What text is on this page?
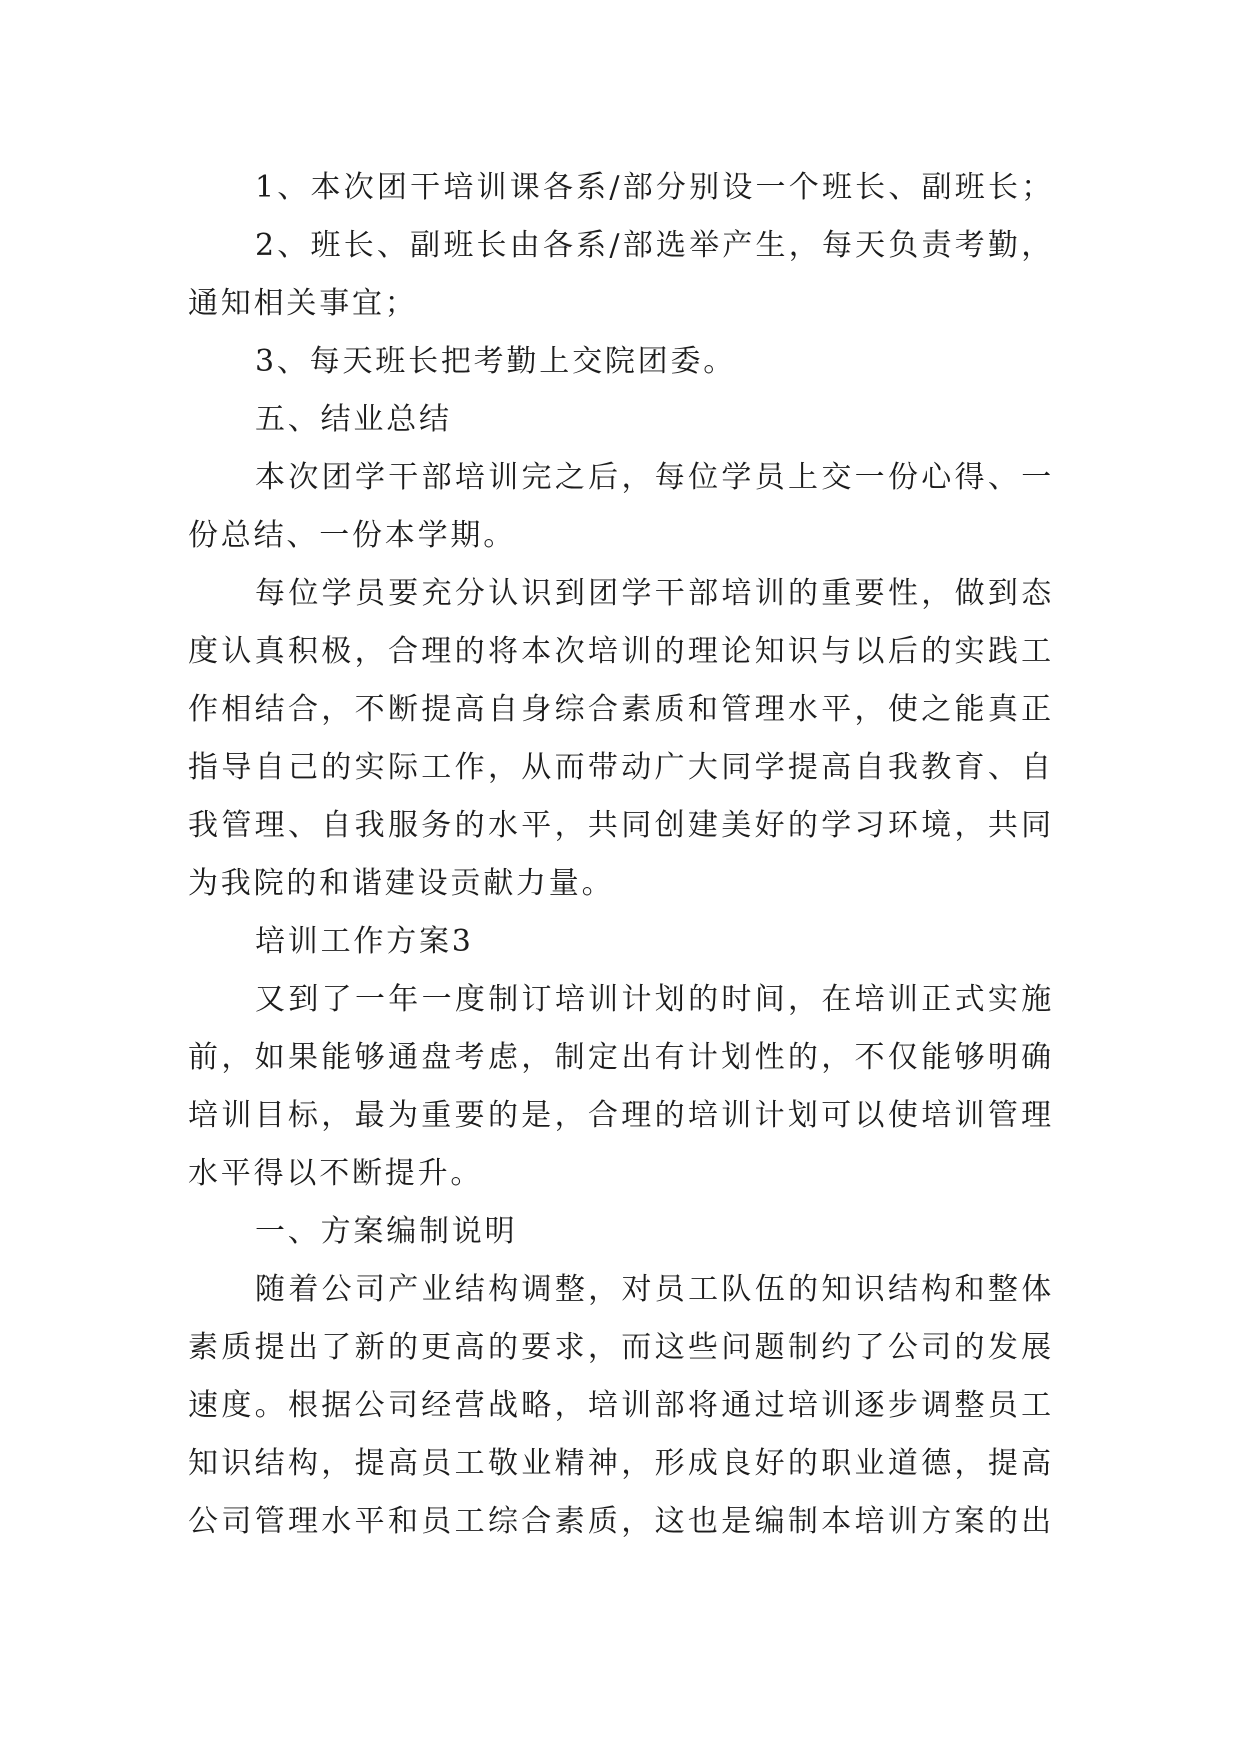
1、本次团干培训课各系/部分别设一个班长、副班长；
2、班长、副班长由各系/部选举产生，每天负责考勤，
通知相关事宜；
3、每天班长把考勤上交院团委。
五、结业总结
本次团学干部培训完之后，每位学员上交一份心得、一
份总结、一份本学期。
每位学员要充分认识到团学干部培训的重要性，做到态
度认真积极，合理的将本次培训的理论知识与以后的实践工
作相结合，不断提高自身综合素质和管理水平，使之能真正
指导自己的实际工作，从而带动广大同学提高自我教育、自
我管理、自我服务的水平，共同创建美好的学习环境，共同
为我院的和谐建设贡献力量。
培训工作方案3
又到了一年一度制订培训计划的时间，在培训正式实施
前，如果能够通盘考虑，制定出有计划性的，不仅能够明确
培训目标，最为重要的是，合理的培训计划可以使培训管理
水平得以不断提升。
一、方案编制说明
随着公司产业结构调整，对员工队伍的知识结构和整体
素质提出了新的更高的要求，而这些问题制约了公司的发展
速度。根据公司经营战略，培训部将通过培训逐步调整员工
知识结构，提高员工敬业精神，形成良好的职业道德，提高
公司管理水平和员工综合素质，这也是编制本培训方案的出
